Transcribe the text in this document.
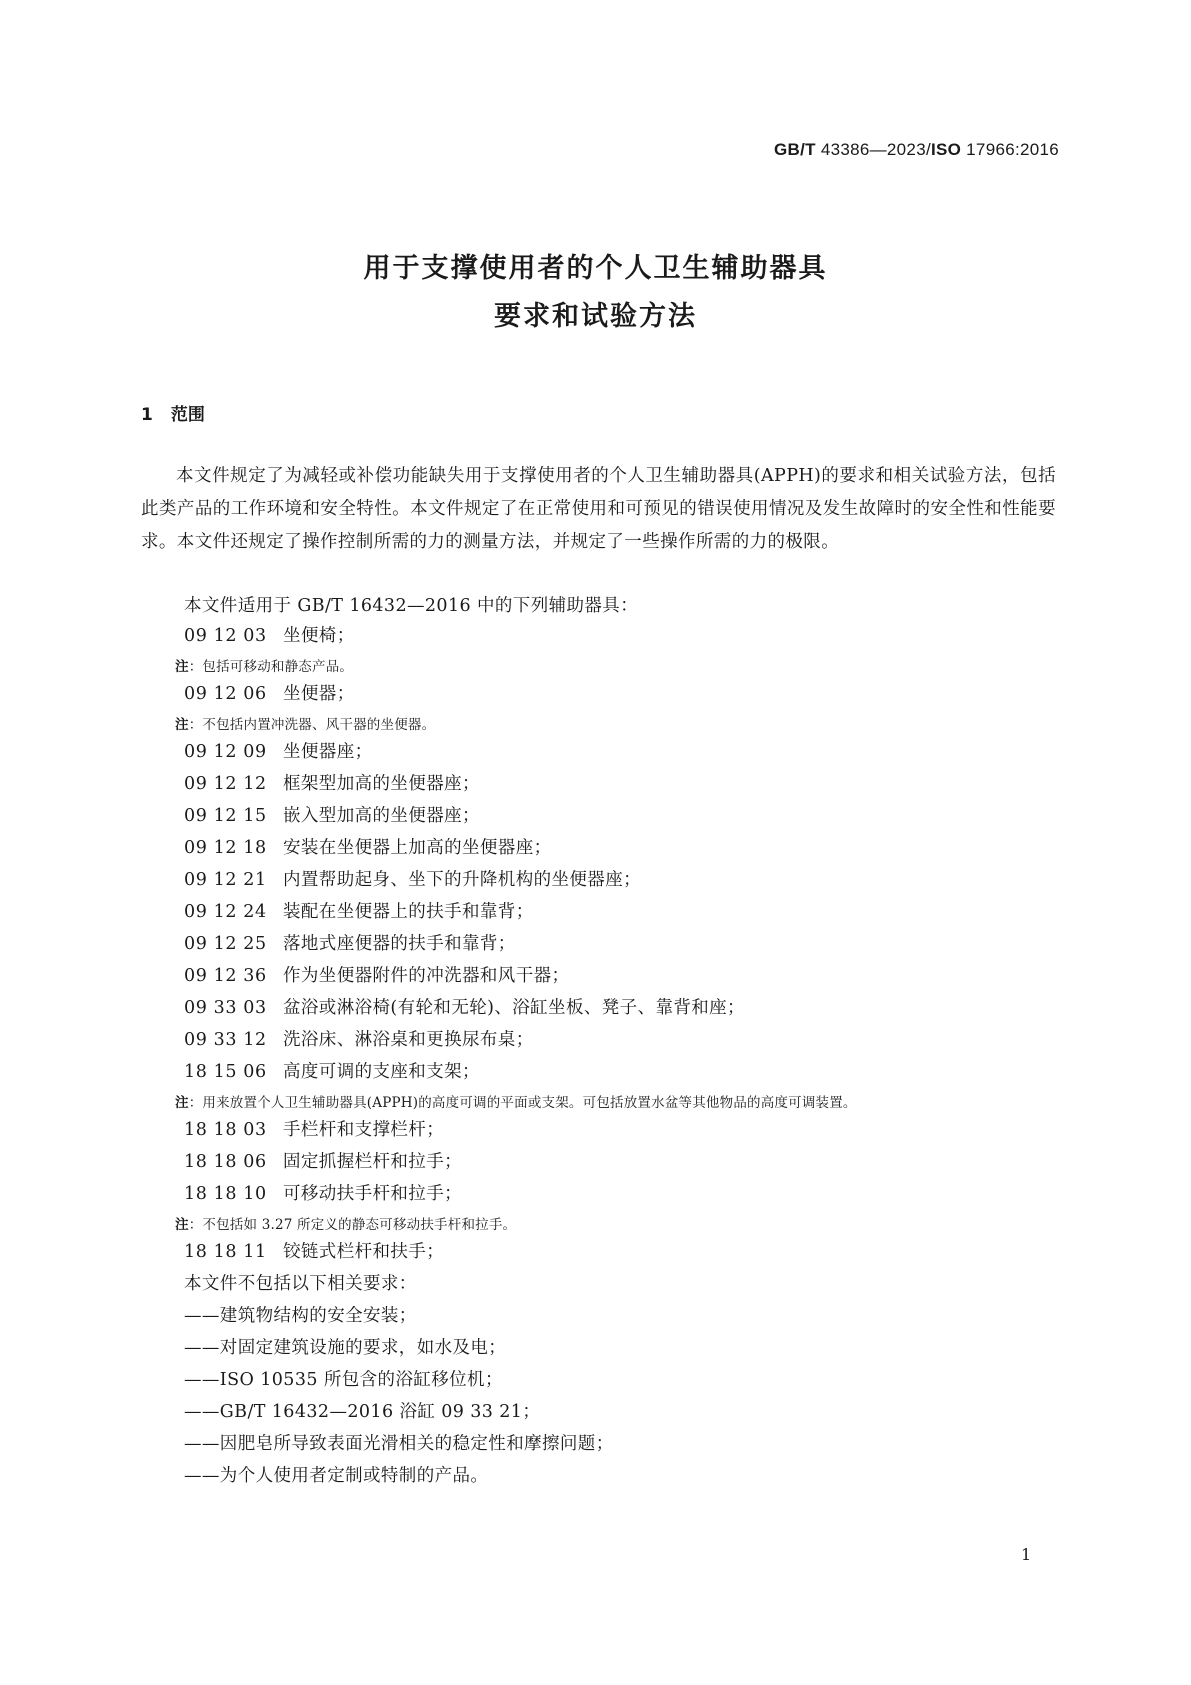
GB/T 43386—2023/ISO 17966:2016
用于支撑使用者的个人卫生辅助器具
要求和试验方法
1 范围

本文件规定了为减轻或补偿功能缺失用于支撑使用者的个人卫生辅助器具(APPH)的要求和相关试验方法，包括此类产品的工作环境和安全特性。本文件规定了在正常使用和可预见的错误使用情况及发生故障时的安全性和性能要求。本文件还规定了操作控制所需的力的测量方法，并规定了一些操作所需的力的极限。

本文件适用于 GB/T 16432—2016 中的下列辅助器具：
09 12 03 坐便椅；
注：包括可移动和静态产品。
09 12 06 坐便器；
注：不包括内置冲洗器、风干器的坐便器。
09 12 09 坐便器座；
09 12 12 框架型加高的坐便器座；
09 12 15 嵌入型加高的坐便器座；
09 12 18 安装在坐便器上加高的坐便器座；
09 12 21 内置帮助起身、坐下的升降机构的坐便器座；
09 12 24 装配在坐便器上的扶手和靠背；
09 12 25 落地式座便器的扶手和靠背；
09 12 36 作为坐便器附件的冲洗器和风干器；
09 33 03 盆浴或淋浴椅(有轮和无轮)、浴缸坐板、凳子、靠背和座；
09 33 12 洗浴床、淋浴桌和更换尿布桌；
18 15 06 高度可调的支座和支架；
注：用来放置个人卫生辅助器具(APPH)的高度可调的平面或支架。可包括放置水盆等其他物品的高度可调装置。
18 18 03 手栏杆和支撑栏杆；
18 18 06 固定抓握栏杆和拉手；
18 18 10 可移动扶手杆和拉手；
注：不包括如 3.27 所定义的静态可移动扶手杆和拉手。
18 18 11 铰链式栏杆和扶手；
本文件不包括以下相关要求：
——建筑物结构的安全安装；
——对固定建筑设施的要求，如水及电；
——ISO 10535 所包含的浴缸移位机；
——GB/T 16432—2016 浴缸 09 33 21；
——因肥皂所导致表面光滑相关的稳定性和摩擦问题；
——为个人使用者定制或特制的产品。
1
